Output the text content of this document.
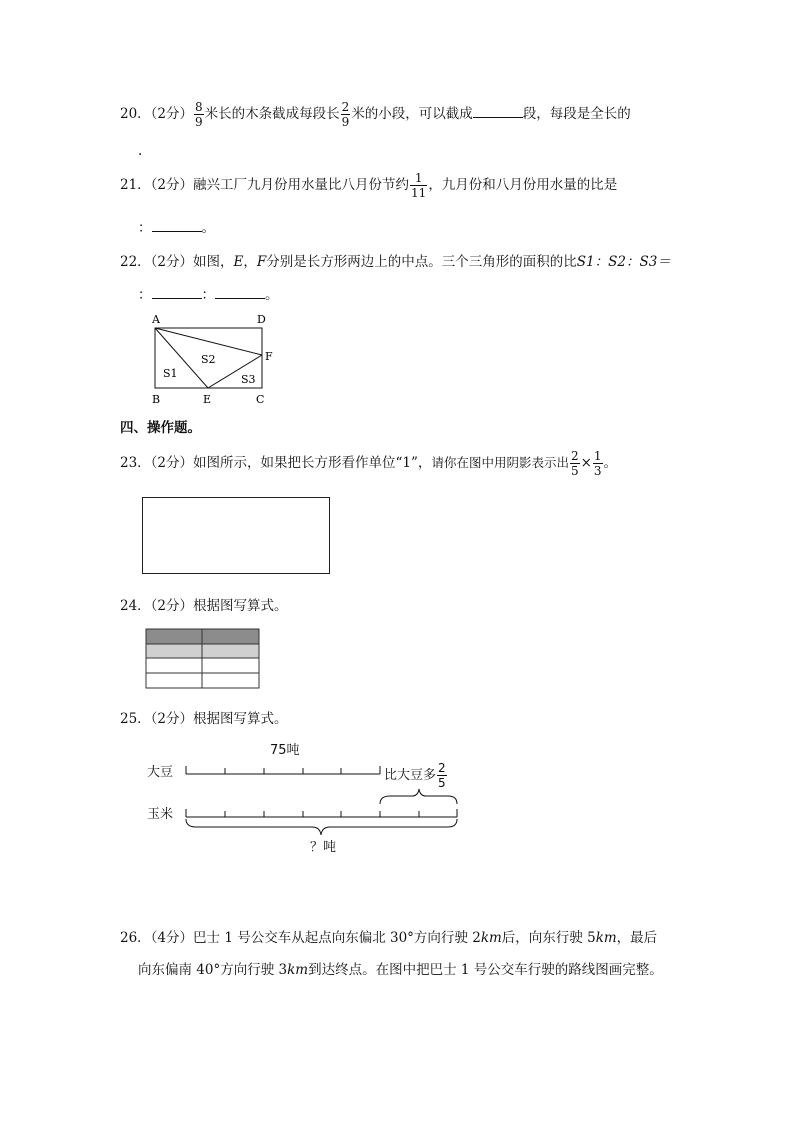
20．（2分） $\frac{8}{9}$ 米长的木条截成每段长 $\frac{2}{9}$ 米的小段，可以截成	段，每段是全长的
.
21．（2分）融兴工厂九月份用水量比八月份节约 $\frac{1}{11}$ ，九月份和八月份用水量的比是
：	。
22．（2分）如图，E，F分别是长方形两边上的中点。三个三角形的面积的比S1：S2：S3＝
：	：	。
A	D
F
B	E	C
S1
S2
S3
四、操作题。
23．（2分）如图所示，如果把长方形看作单位“1”，请你在图中用阴影表示出 $\frac{2}{5} \times \frac{1}{3}$ 。
24．（2分）根据图写算式。
25．（2分）根据图写算式。
75吨
大豆
玉米
比大豆多 $\frac{2}{5}$
？吨
26．（4分）巴士 1 号公交车从起点向东偏北 30°方向行驶 2km后，向东行驶 5km，最后
向东偏南 40°方向行驶 3km到达终点。在图中把巴士 1 号公交车行驶的路线图画完整。
